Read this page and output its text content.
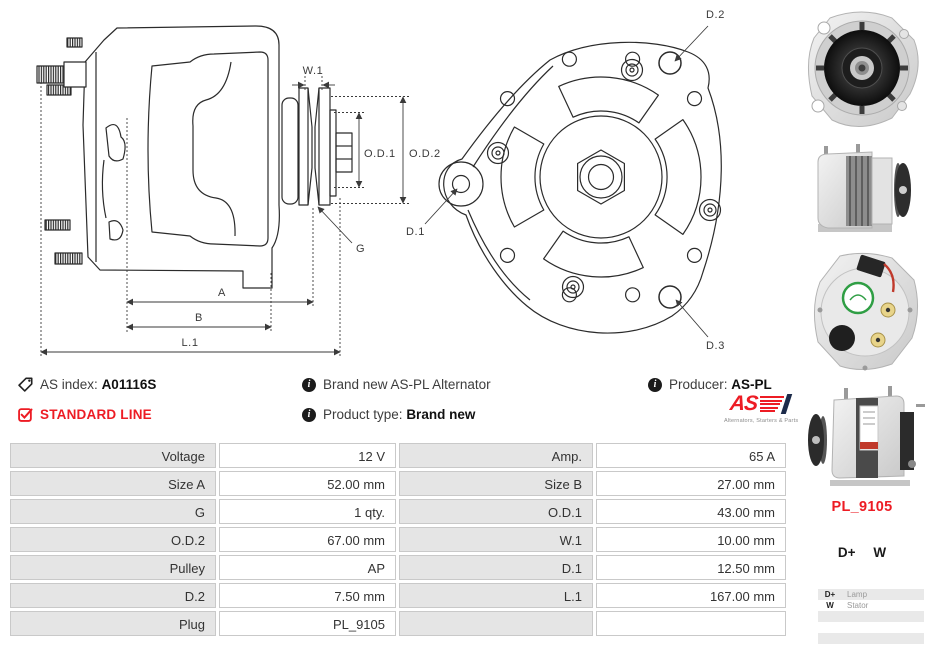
W.1
O.D.1 O.D.2
G
A
B
L.1
D.1
D.2
D.3
AS index: A01116S	i Brand new AS-PL Alternator	i Producer: AS-PL
STANDARD LINE	i Product type: Brand new	AS
Alternators, Starters & Parts
Voltage	12 V	Amp.	65 A
Size A	52.00 mm	Size B	27.00 mm
G	1 qty.	O.D.1	43.00 mm
O.D.2	67.00 mm	W.1	10.00 mm
Pulley	AP	D.1	12.50 mm
D.2	7.50 mm	L.1	167.00 mm
Plug	PL_9105
PL_9105
D+ W
D+	Lamp
W	Stator
